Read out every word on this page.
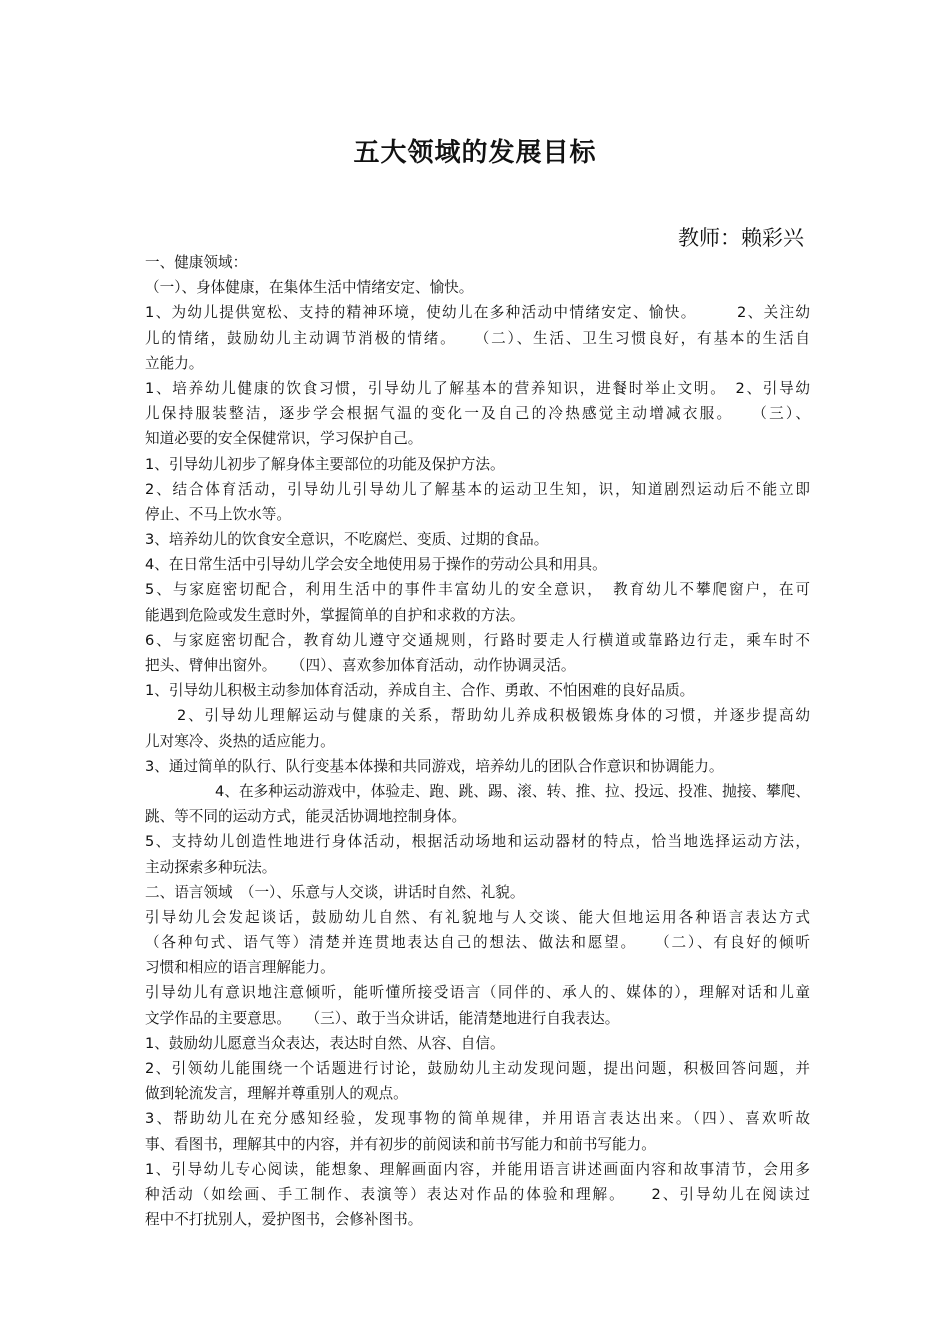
五大领域的发展目标
教师：赖彩兴
一、健康领域：
（一）、身体健康，在集体生活中情绪安定、愉快。
1、为幼儿提供宽松、支持的精神环境，使幼儿在多种活动中情绪安定、愉快。　　　2、关注幼
儿的情绪，鼓励幼儿主动调节消极的情绪。　　（二）、生活、卫生习惯良好，有基本的生活自
立能力。
1、培养幼儿健康的饮食习惯，引导幼儿了解基本的营养知识，进餐时举止文明。　2、引导幼
儿保持服装整洁，逐步学会根据气温的变化一及自己的冷热感觉主动增减衣服。　　（三）、
知道必要的安全保健常识，学习保护自己。
1、引导幼儿初步了解身体主要部位的功能及保护方法。
2、结合体育活动，引导幼儿引导幼儿了解基本的运动卫生知，识，知道剧烈运动后不能立即
停止、不马上饮水等。
3、培养幼儿的饮食安全意识，不吃腐烂、变质、过期的食品。
4、在日常生活中引导幼儿学会安全地使用易于操作的劳动公具和用具。
5、与家庭密切配合，利用生活中的事件丰富幼儿的安全意识，　教育幼儿不攀爬窗户，在可
能遇到危险或发生意时外，掌握简单的自护和求救的方法。
6、与家庭密切配合，教育幼儿遵守交通规则，行路时要走人行横道或靠路边行走，乘车时不
把头、臂伸出窗外。　　（四）、喜欢参加体育活动，动作协调灵活。
1、引导幼儿积极主动参加体育活动，养成自主、合作、勇敢、不怕困难的良好品质。
2、引导幼儿理解运动与健康的关系，帮助幼儿养成积极锻炼身体的习惯，并逐步提高幼
儿对寒冷、炎热的适应能力。
3、通过简单的队行、队行变基本体操和共同游戏，培养幼儿的团队合作意识和协调能力。
4、在多种运动游戏中，体验走、跑、跳、踢、滚、转、推、拉、投远、投准、抛接、攀爬、
跳、等不同的运动方式，能灵活协调地控制身体。
5、支持幼儿创造性地进行身体活动，根据活动场地和运动器材的特点，恰当地选择运动方法，
主动探索多种玩法。
二、语言领域　（一）、乐意与人交谈，讲话时自然、礼貌。
引导幼儿会发起谈话，鼓励幼儿自然、有礼貌地与人交谈、能大但地运用各种语言表达方式
（各种句式、语气等）清楚并连贯地表达自己的想法、做法和愿望。　　（二）、有良好的倾听
习惯和相应的语言理解能力。
引导幼儿有意识地注意倾听，能听懂所接受语言（同伴的、承人的、媒体的），理解对话和儿童
文学作品的主要意思。　　（三）、敢于当众讲话，能清楚地进行自我表达。
1、鼓励幼儿愿意当众表达，表达时自然、从容、自信。
2、引领幼儿能围绕一个话题进行讨论，鼓励幼儿主动发现问题，提出问题，积极回答问题，并
做到轮流发言，理解并尊重别人的观点。
3、帮助幼儿在充分感知经验，发现事物的简单规律，并用语言表达出来。（四）、喜欢听故
事、看图书，理解其中的内容，并有初步的前阅读和前书写能力和前书写能力。
1、引导幼儿专心阅读，能想象、理解画面内容，并能用语言讲述画面内容和故事清节，会用多
种活动（如绘画、手工制作、表演等）表达对作品的体验和理解。　　2、引导幼儿在阅读过
程中不打扰别人，爱护图书，会修补图书。
